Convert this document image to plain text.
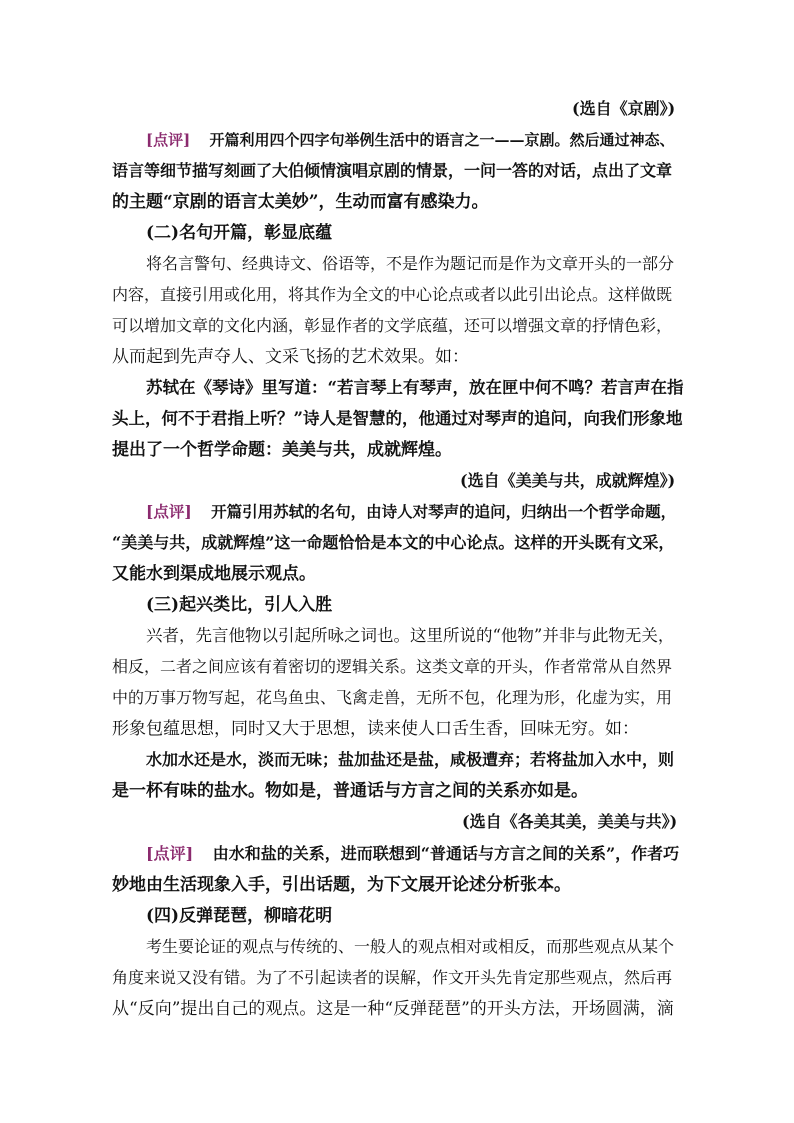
(选自《京剧》)
[点评] 开篇利用四个四字句举例生活中的语言之一——京剧。然后通过神态、
语言等细节描写刻画了大伯倾情演唱京剧的情景，一问一答的对话，点出了文章
的主题“京剧的语言太美妙”，生动而富有感染力。
(二)名句开篇，彰显底蕴
将名言警句、经典诗文、俗语等，不是作为题记而是作为文章开头的一部分
内容，直接引用或化用，将其作为全文的中心论点或者以此引出论点。这样做既
可以增加文章的文化内涵，彰显作者的文学底蕴，还可以增强文章的抒情色彩，
从而起到先声夺人、文采飞扬的艺术效果。如：
苏轼在《琴诗》里写道：“若言琴上有琴声，放在匣中何不鸣？若言声在指
头上，何不于君指上听？”诗人是智慧的，他通过对琴声的追问，向我们形象地
提出了一个哲学命题：美美与共，成就辉煌。
(选自《美美与共，成就辉煌》)
[点评] 开篇引用苏轼的名句，由诗人对琴声的追问，归纳出一个哲学命题，
“美美与共，成就辉煌”这一命题恰恰是本文的中心论点。这样的开头既有文采，
又能水到渠成地展示观点。
(三)起兴类比，引人入胜
兴者，先言他物以引起所咏之词也。这里所说的“他物”并非与此物无关，
相反，二者之间应该有着密切的逻辑关系。这类文章的开头，作者常常从自然界
中的万事万物写起，花鸟鱼虫、飞禽走兽，无所不包，化理为形，化虚为实，用
形象包蕴思想，同时又大于思想，读来使人口舌生香，回味无穷。如：
水加水还是水，淡而无味；盐加盐还是盐，咸极遭弃；若将盐加入水中，则
是一杯有味的盐水。物如是，普通话与方言之间的关系亦如是。
(选自《各美其美，美美与共》)
[点评] 由水和盐的关系，进而联想到“普通话与方言之间的关系”，作者巧
妙地由生活现象入手，引出话题，为下文展开论述分析张本。
(四)反弹琵琶，柳暗花明
考生要论证的观点与传统的、一般人的观点相对或相反，而那些观点从某个
角度来说又没有错。为了不引起读者的误解，作文开头先肯定那些观点，然后再
从“反向”提出自己的观点。这是一种“反弹琵琶”的开头方法，开场圆满，滴
